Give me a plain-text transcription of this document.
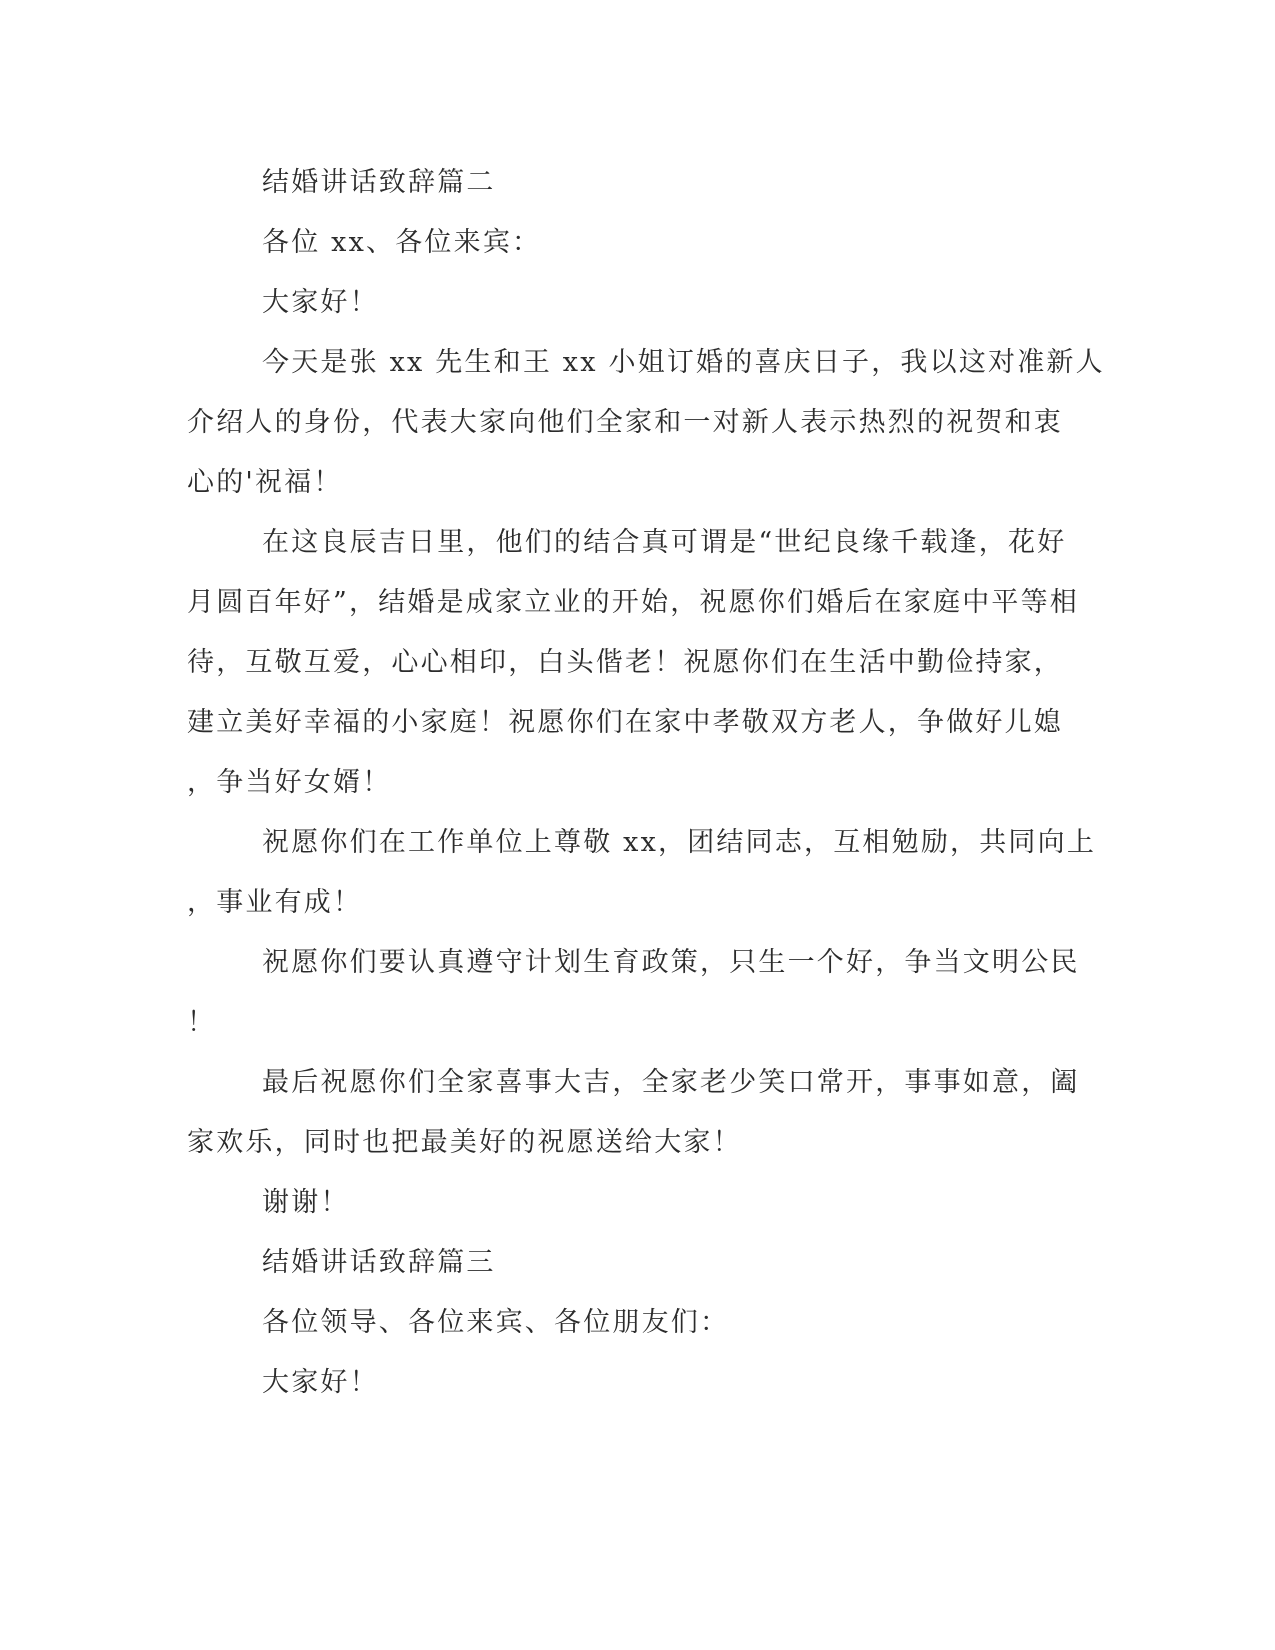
结婚讲话致辞篇二
各位 xx、各位来宾：
大家好！
今天是张 xx 先生和王 xx 小姐订婚的喜庆日子，我以这对准新人
介绍人的身份，代表大家向他们全家和一对新人表示热烈的祝贺和衷
心的'祝福！
在这良辰吉日里，他们的结合真可谓是“世纪良缘千载逢，花好
月圆百年好”，结婚是成家立业的开始，祝愿你们婚后在家庭中平等相
待，互敬互爱，心心相印，白头偕老！祝愿你们在生活中勤俭持家，
建立美好幸福的小家庭！祝愿你们在家中孝敬双方老人，争做好儿媳
，争当好女婿！
祝愿你们在工作单位上尊敬 xx，团结同志，互相勉励，共同向上
，事业有成！
祝愿你们要认真遵守计划生育政策，只生一个好，争当文明公民
！
最后祝愿你们全家喜事大吉，全家老少笑口常开，事事如意，阖
家欢乐，同时也把最美好的祝愿送给大家！
谢谢！
结婚讲话致辞篇三
各位领导、各位来宾、各位朋友们：
大家好！
